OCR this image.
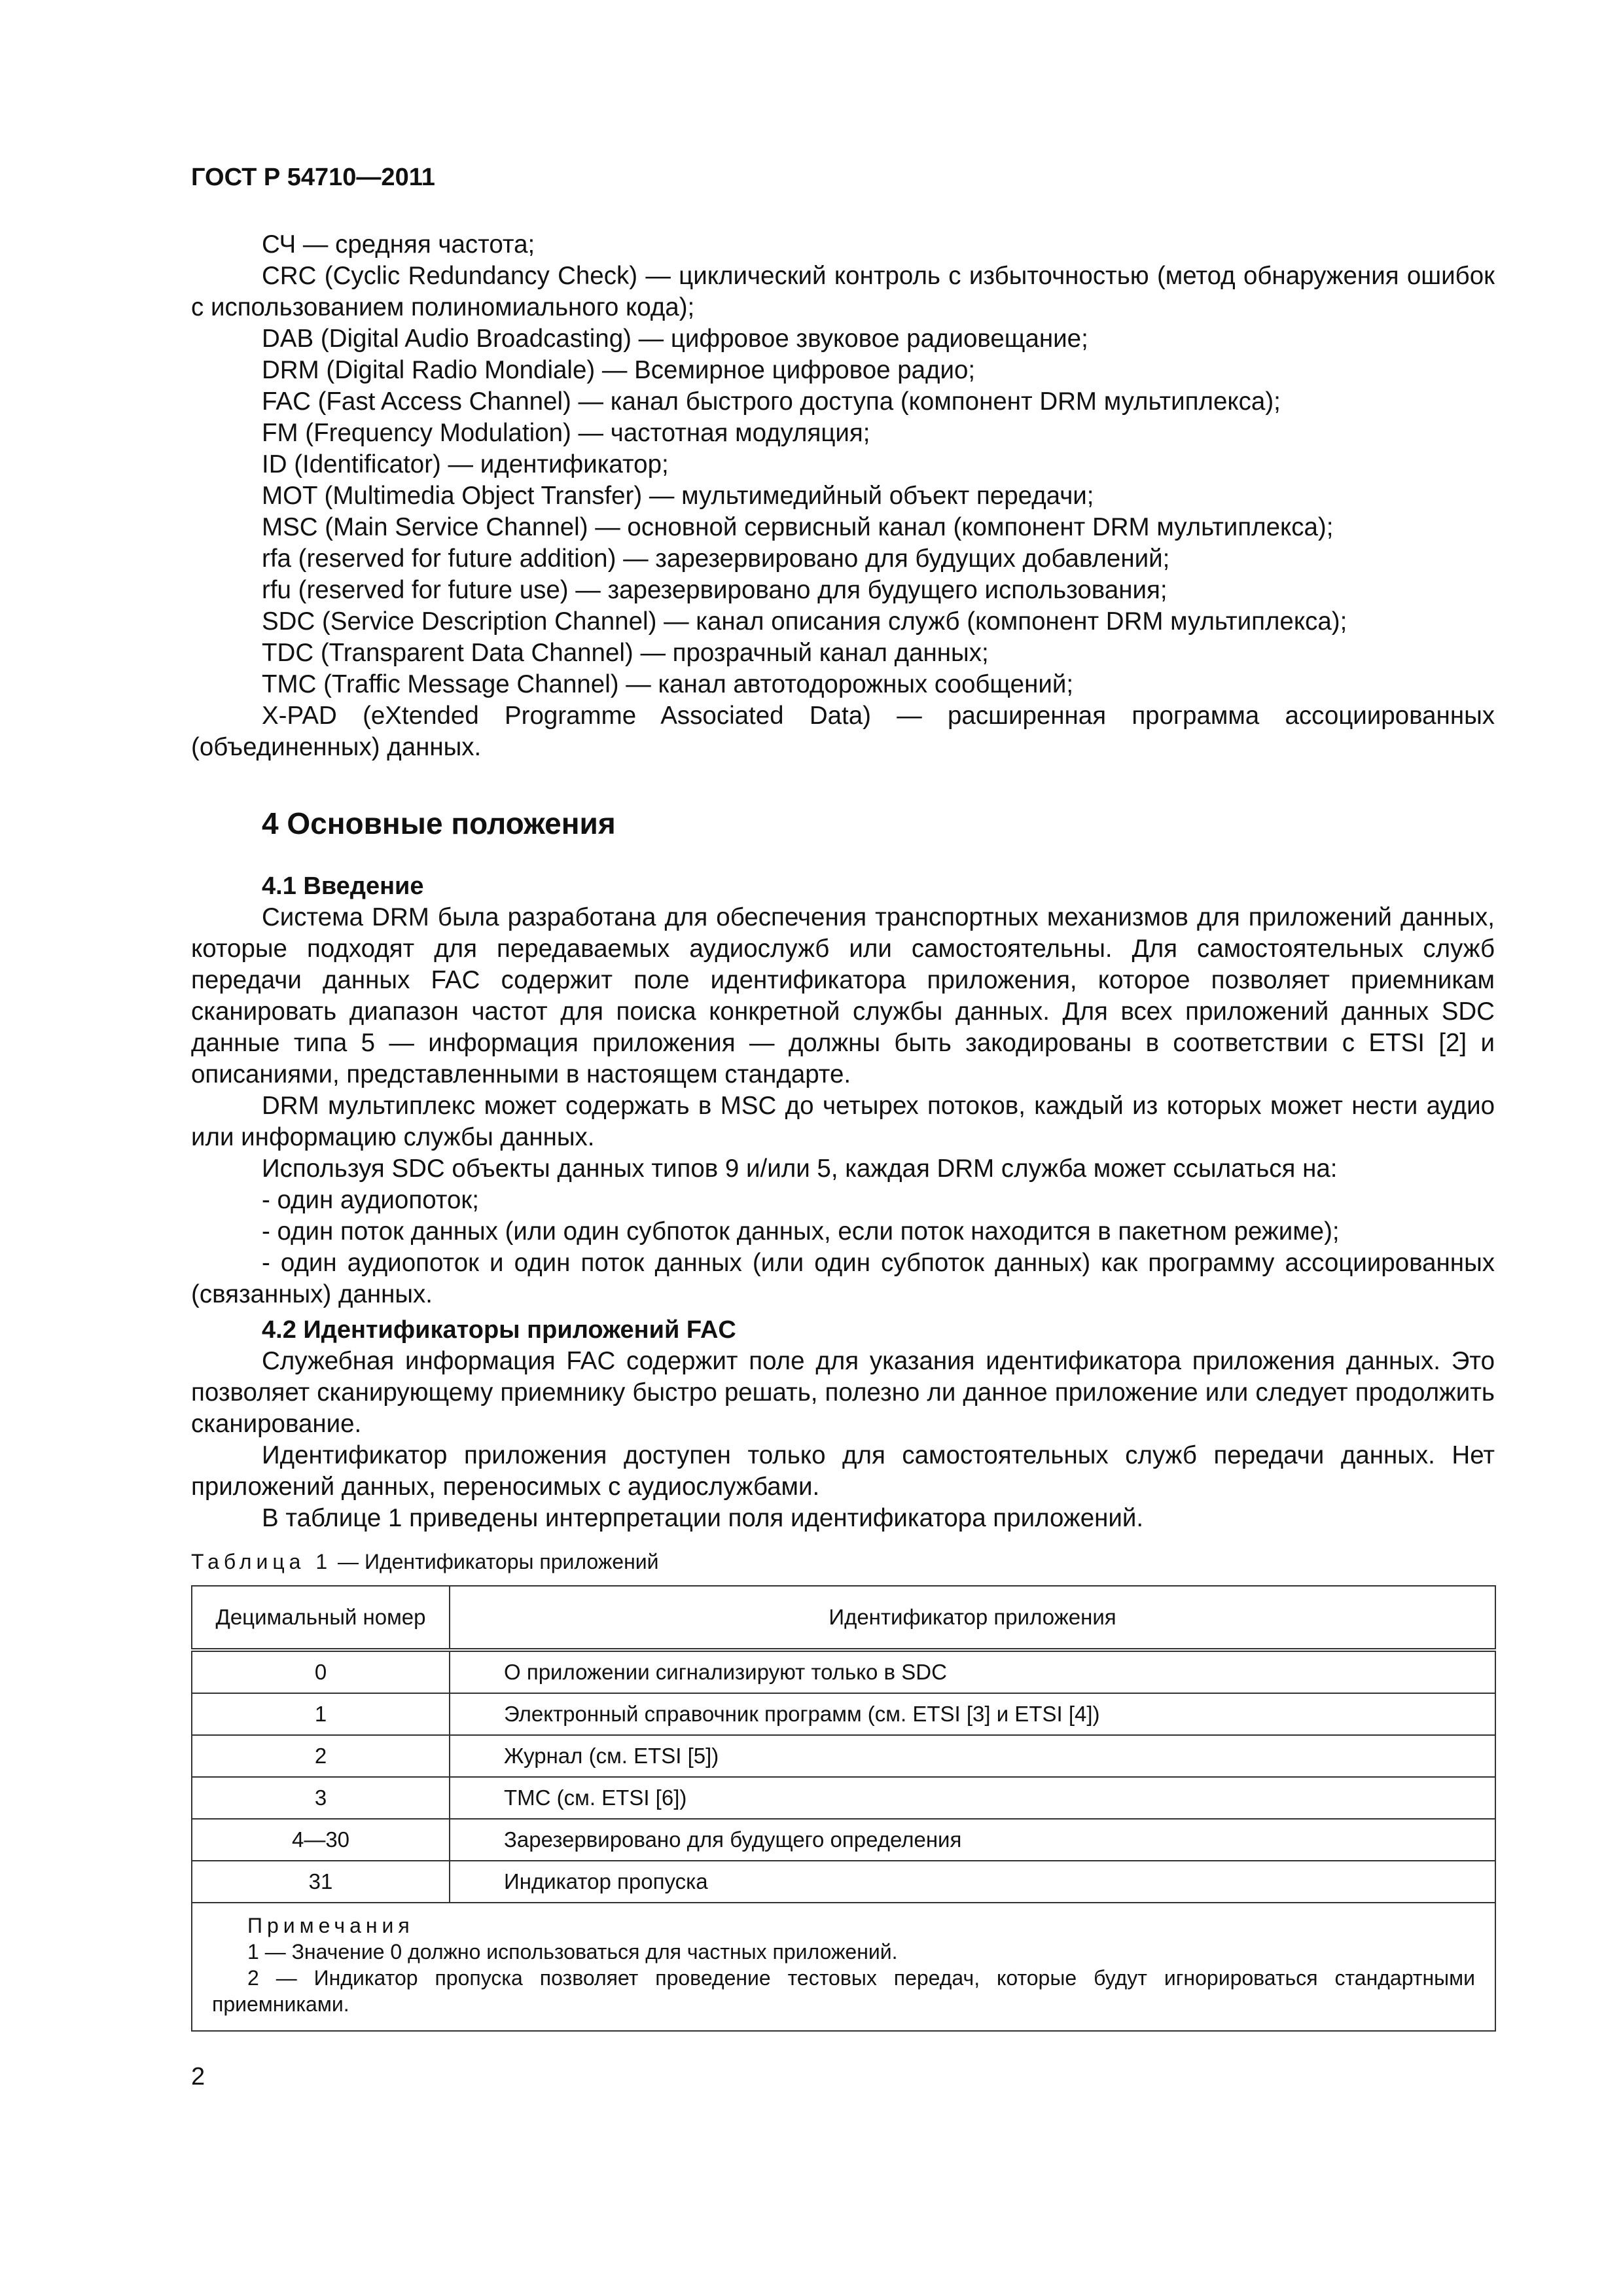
ГОСТ Р 54710—2011

СЧ — средняя частота;

CRC (Cyclic Redundancy Check) — циклический контроль с избыточностью (метод обнаружения ошибок с использованием полиномиального кода);

DAB (Digital Audio Broadcasting) — цифровое звуковое радиовещание;

DRM (Digital Radio Mondiale) — Всемирное цифровое радио;

FAC (Fast Access Channel) — канал быстрого доступа (компонент DRM мультиплекса);

FM (Frequency Modulation) — частотная модуляция;

ID (Identificator) — идентификатор;

MOT (Multimedia Object Transfer) — мультимедийный объект передачи;

MSC (Main Service Channel) — основной сервисный канал (компонент DRM мультиплекса);

rfa (reserved for future addition) — зарезервировано для будущих добавлений;

rfu (reserved for future use) — зарезервировано для будущего использования;

SDC (Service Description Channel) — канал описания служб (компонент DRM мультиплекса);

TDC (Transparent Data Channel) — прозрачный канал данных;

TMC (Traffic Message Channel) — канал автотодорожных сообщений;

X-PAD (eXtended Programme Associated Data) — расширенная программа ассоциированных (объединенных) данных.

4 Основные положения
4.1 Введение

Система DRM была разработана для обеспечения транспортных механизмов для приложений данных, которые подходят для передаваемых аудиослужб или самостоятельны. Для самостоятельных служб передачи данных FAC содержит поле идентификатора приложения, которое позволяет приемникам сканировать диапазон частот для поиска конкретной службы данных. Для всех приложений данных SDC данные типа 5 — информация приложения — должны быть закодированы в соответствии с ETSI [2] и описаниями, представленными в настоящем стандарте.

DRM мультиплекс может содержать в MSC до четырех потоков, каждый из которых может нести аудио или информацию службы данных.

Используя SDC объекты данных типов 9 и/или 5, каждая DRM служба может ссылаться на:

- один аудиопоток;

- один поток данных (или один субпоток данных, если поток находится в пакетном режиме);

- один аудиопоток и один поток данных (или один субпоток данных) как программу ассоциированных (связанных) данных.

4.2 Идентификаторы приложений FAC

Служебная информация FAC содержит поле для указания идентификатора приложения данных. Это позволяет сканирующему приемнику быстро решать, полезно ли данное приложение или следует продолжить сканирование.

Идентификатор приложения доступен только для самостоятельных служб передачи данных. Нет приложений данных, переносимых с аудиослужбами.

В таблице 1 приведены интерпретации поля идентификатора приложений.

Таблица 1 — Идентификаторы приложений
Децимальный номер	Идентификатор приложения
0	О приложении сигнализируют только в SDC
1	Электронный справочник программ (см. ETSI [3] и ETSI [4])
2	Журнал (см. ETSI [5])
3	TMC (см. ETSI [6])
4—30	Зарезервировано для будущего определения
31	Индикатор пропуска

Примечания

1 — Значение 0 должно использоваться для частных приложений.

2 — Индикатор пропуска позволяет проведение тестовых передач, которые будут игнорироваться стандартными приемниками.	

2
